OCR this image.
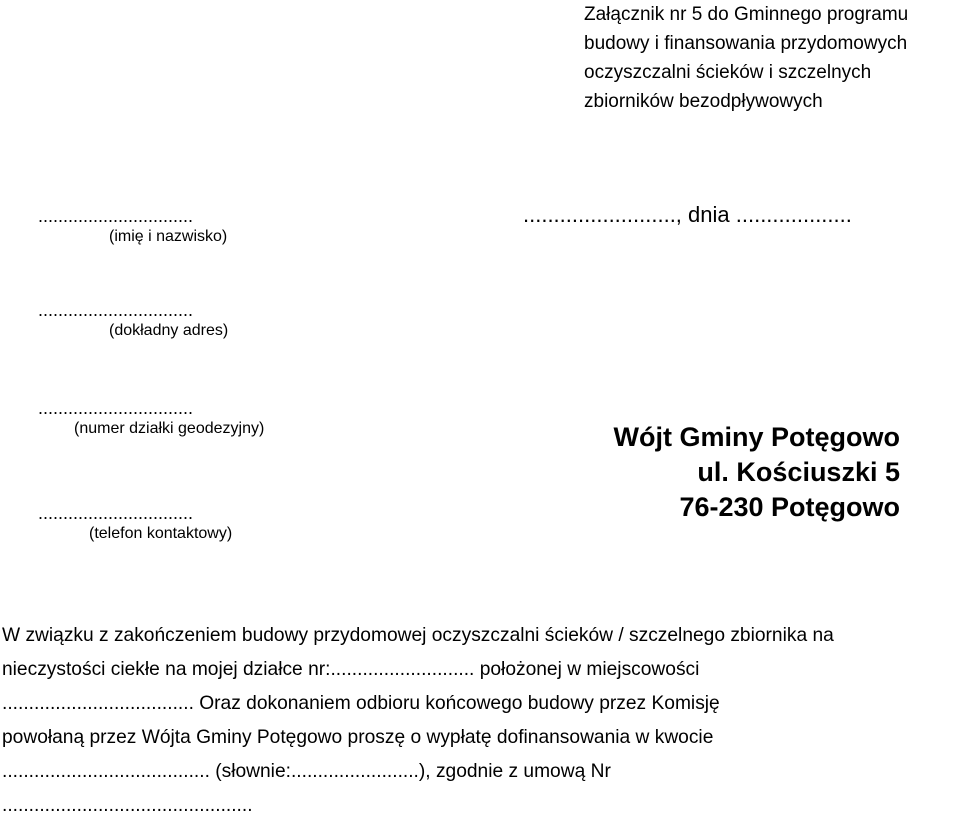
Załącznik nr 5 do Gminnego programu
budowy i finansowania przydomowych
oczyszczalni ścieków i szczelnych
zbiorników bezodpływowych
...............................
(imię i nazwisko)
...............................
(dokładny adres)
...............................
(numer działki geodezyjny)
...............................
(telefon kontaktowy)
........................., dnia ...................
Wójt Gminy Potęgowo
ul. Kościuszki 5
76-230 Potęgowo
W związku z zakończeniem budowy przydomowej oczyszczalni ścieków / szczelnego zbiornika na
nieczystości ciekłe na mojej działce nr:........................... położonej w miejscowości
.................................... Oraz dokonaniem odbioru końcowego budowy przez Komisję
powołaną przez Wójta Gminy Potęgowo proszę o wypłatę dofinansowania w kwocie
....................................... (słownie:........................), zgodnie z umową Nr
...............................................
